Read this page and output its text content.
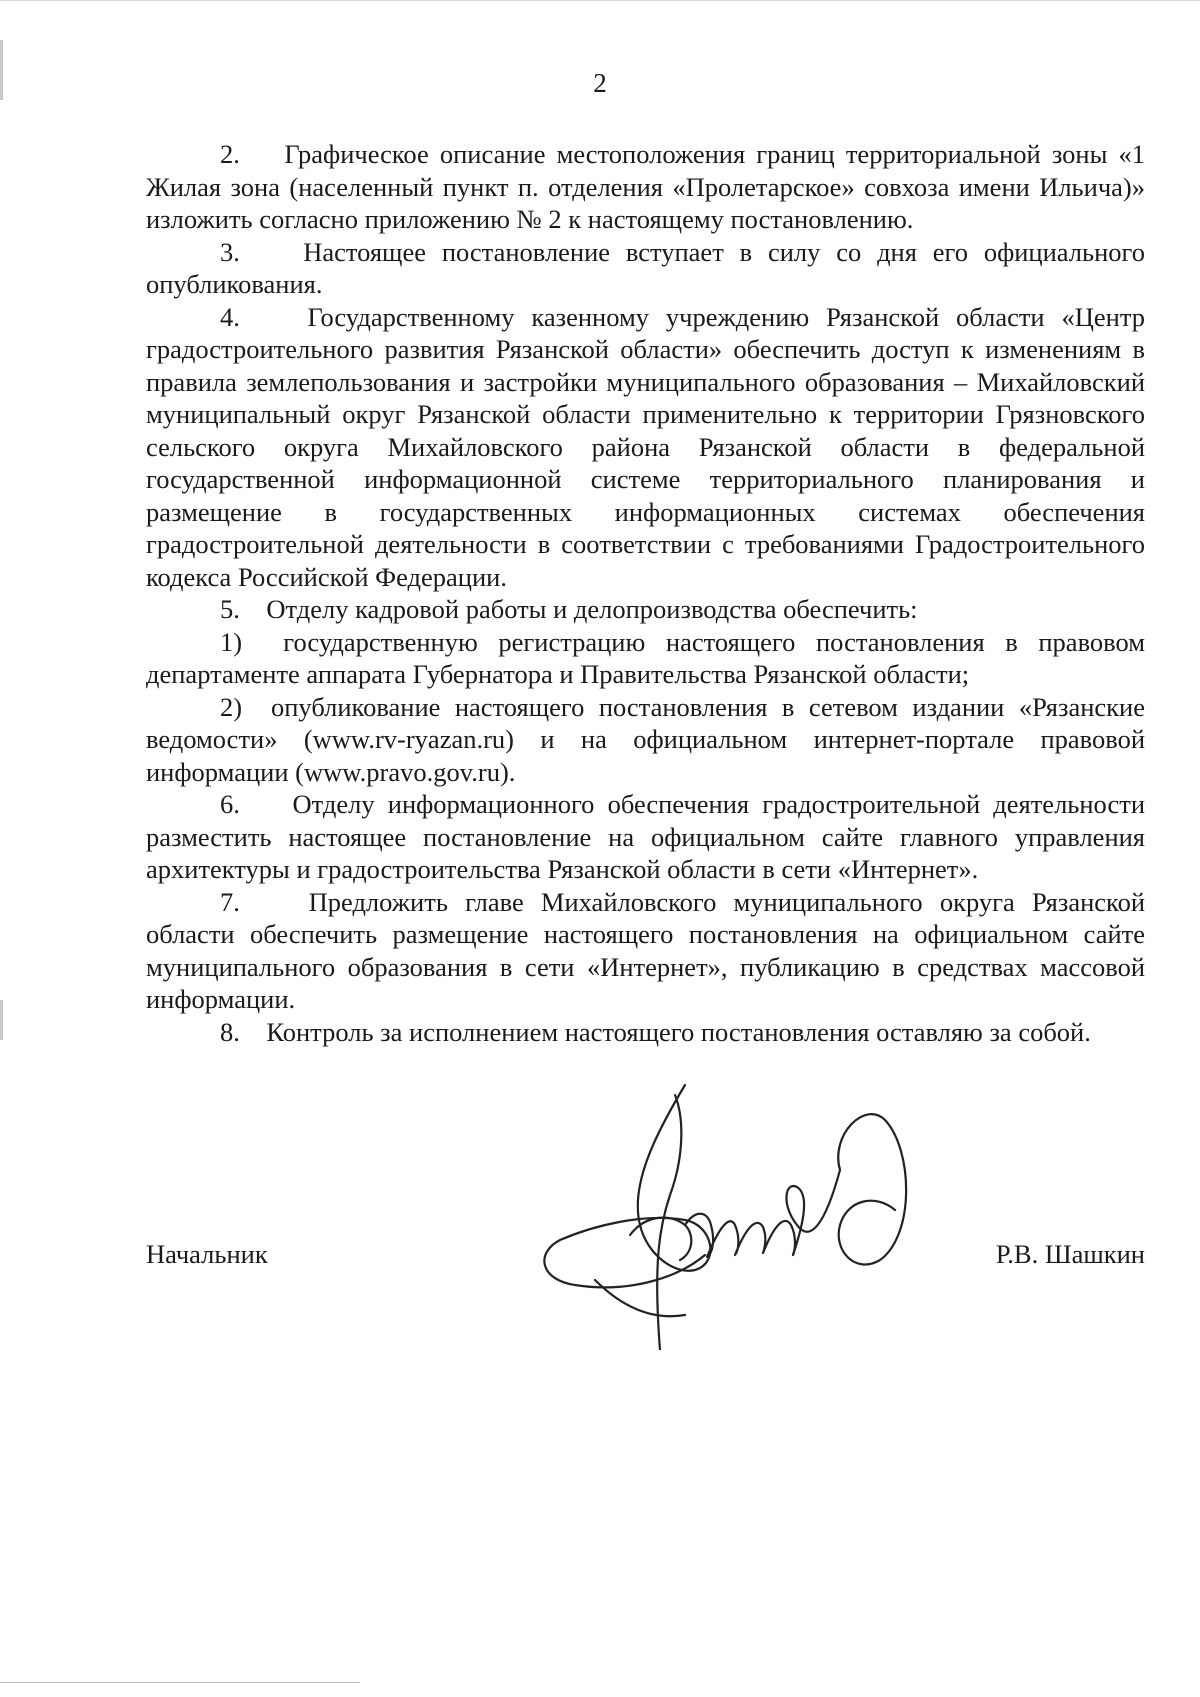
2

2.    Графическое описание местоположения границ территориальной зоны «1 Жилая зона (населенный пункт п. отделения «Пролетарское» совхоза имени Ильича)» изложить согласно приложению № 2 к настоящему постановлению.

3.    Настоящее постановление вступает в силу со дня его официального опубликования.

4.    Государственному казенному учреждению Рязанской области «Центр градостроительного развития Рязанской области» обеспечить доступ к изменениям в правила землепользования и застройки муниципального образования – Михайловский муниципальный округ Рязанской области применительно к территории Грязновского сельского округа Михайловского района Рязанской области в федеральной государственной информационной системе территориального планирования и размещение в государственных информационных системах обеспечения градостроительной деятельности в соответствии с требованиями Градостроительного кодекса Российской Федерации.

5.    Отделу кадровой работы и делопроизводства обеспечить:

1)  государственную регистрацию настоящего постановления в правовом департаменте аппарата Губернатора и Правительства Рязанской области;

2)  опубликование настоящего постановления в сетевом издании «Рязанские ведомости» (www.rv-ryazan.ru) и на официальном интернет-портале правовой информации (www.pravo.gov.ru).

6.    Отделу информационного обеспечения градостроительной деятельности разместить настоящее постановление на официальном сайте главного управления архитектуры и градостроительства Рязанской области в сети «Интернет».

7.    Предложить главе Михайловского муниципального округа Рязанской области обеспечить размещение настоящего постановления на официальном сайте муниципального образования в сети «Интернет», публикацию в средствах массовой информации.

8.    Контроль за исполнением настоящего постановления оставляю за собой.

Начальник	Р.В. Шашкин
